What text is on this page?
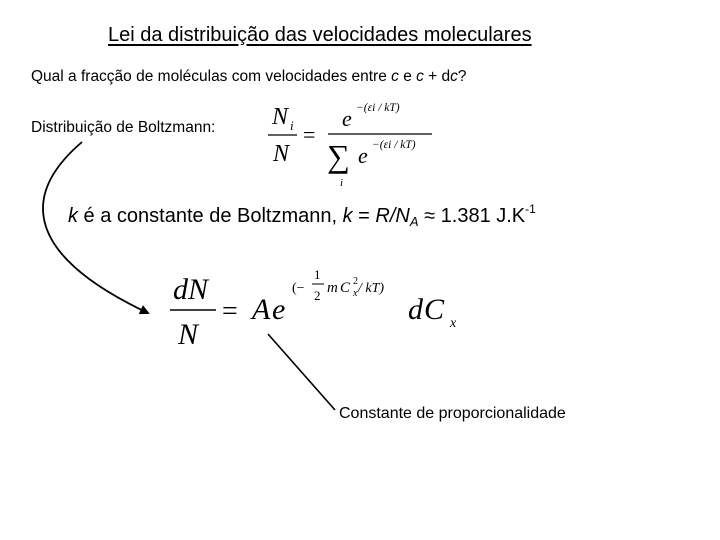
Lei da distribuição das velocidades moleculares
Qual a fracção de moléculas com velocidades entre c e c + dc?
Distribuição de Boltzmann:
k é a constante de Boltzmann, $k = R/N_A \approx 1.381$ $J.K^{-1}$
Constante de proporcionalidade
N i
N
=
e −(εi / kT)
∑
i
e −(εi / kT)
dN
N
= A e
(−
1
2 m C 2
x / kT)
d C x
